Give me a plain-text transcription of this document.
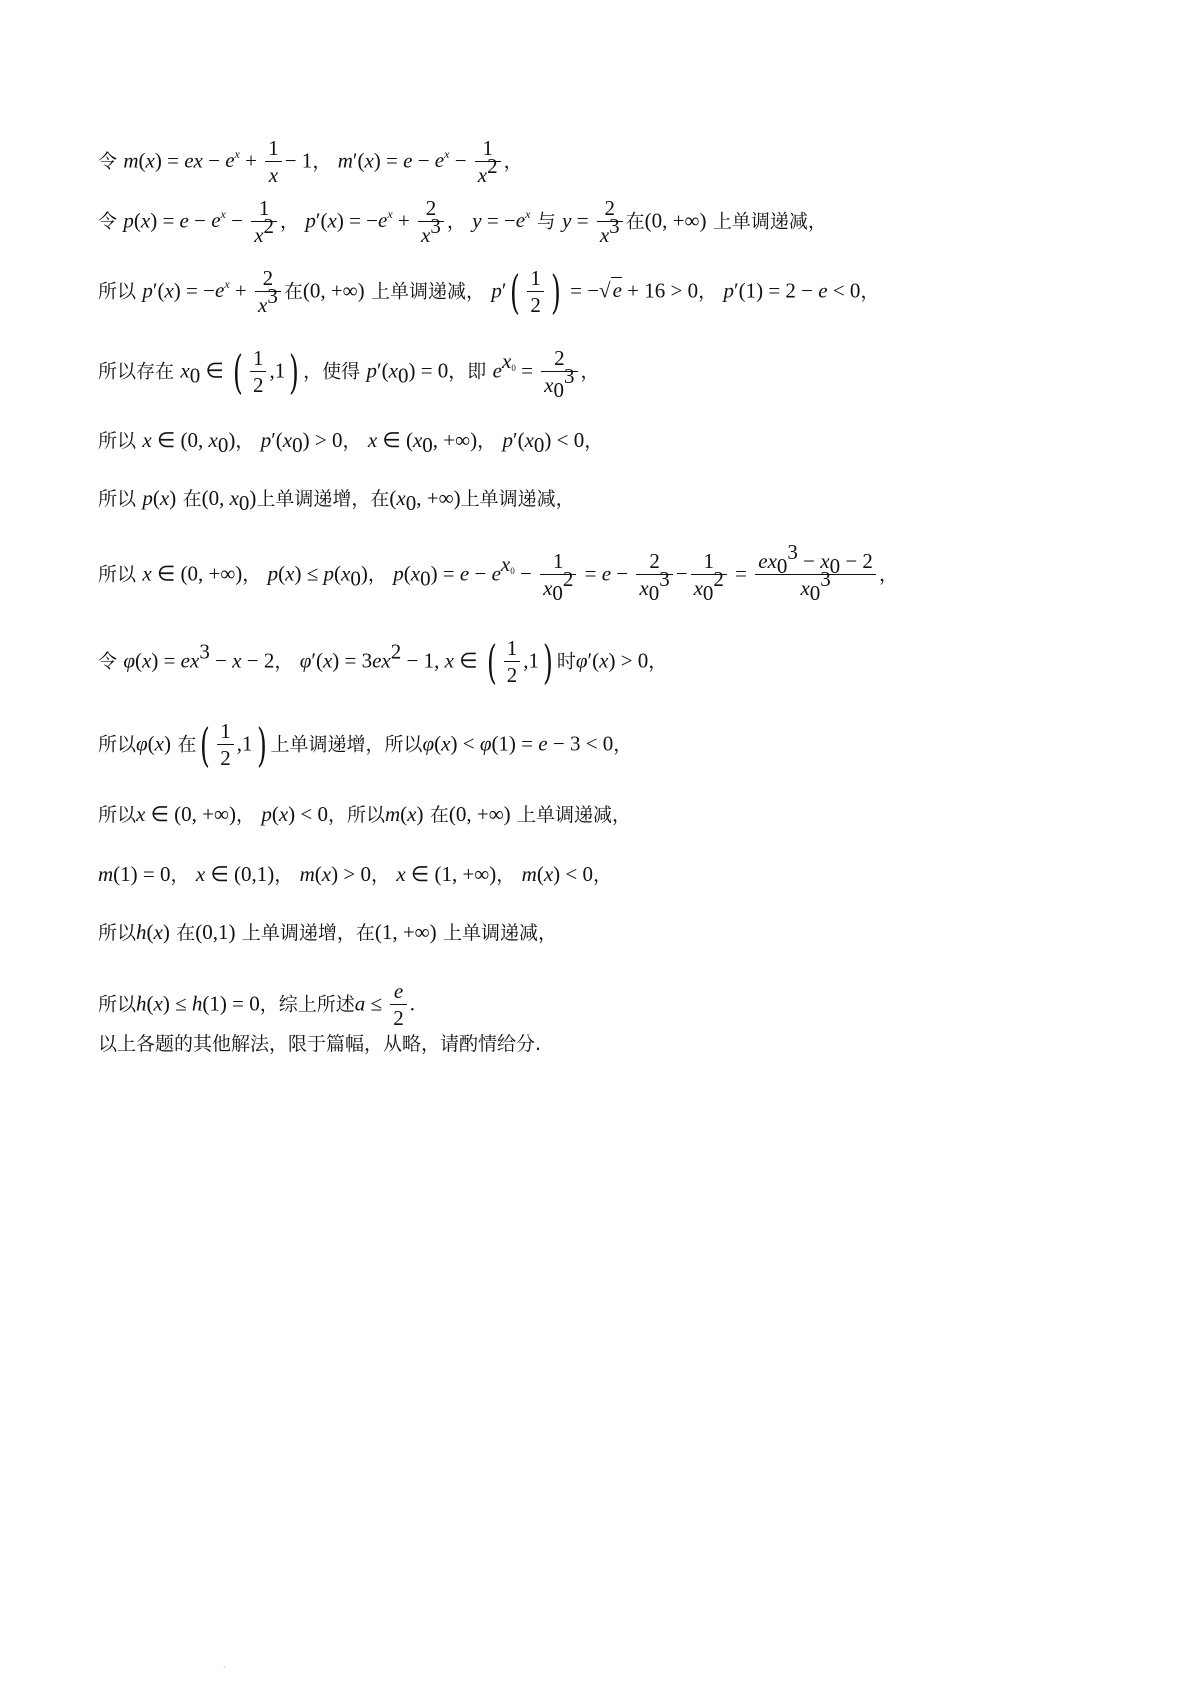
令 m(x) = ex − $e^x + \frac{1}{x} - 1$， $m'(x) = e - e^x - \frac{1}{x^2}$ ，
令 $p(x) = e - e^x - \frac{1}{x^2}$ ， $p'(x) = -e^x + \frac{2}{x^3}$ ， $y = -e^x$ 与 $y = \frac{2}{x^3}$ 在(0, +∞) 上单调递减，
所以 $p'(x) = -e^x + \frac{2}{x^3}$ 在(0, +∞) 上单调递减， $p'( \frac{1}{2}$ ) = −√e + 16 > 0， p′(1) = 2 − e < 0，
所以存在 $x_0$ ∈ ( $\frac{1}{2} ,1$) ，使得 $p'(x_0) = 0$，即 $e^{x_0} = \frac{2}{x_0^3}$ ，
所以 x ∈ (0, $x_0$)， $p'(x_0) > 0$， x ∈ ($x_0$, +∞)， $p'(x_0) < 0$，
所以 p(x) 在(0, $x_0$)上单调递增，在($x_0$, +∞)上单调递减，
所以 x ∈ (0, +∞)， $p(x) \le p(x_0)$， $p(x_0) = e - e^{x_0} - \frac{1}{x_0^2} = e - \frac{2}{x_0^3} - \frac{1}{x_0^2} = \frac{ex_0^3 - x_0 - 2}{x_0^3}$ ，
令 $\varphi(x) = ex^3 - x - 2$， $\varphi'(x) = 3ex^2 - 1$, x ∈ ( $\frac{1}{2} ,1$) 时φ′(x) > 0，
所以φ(x) 在( $\frac{1}{2} ,1$) 上单调递增，所以φ(x) < φ(1) = e − 3 < 0，
所以x ∈ (0, +∞)， p(x) < 0，所以m(x) 在(0, +∞) 上单调递减，
m(1) = 0， x ∈ (0,1)， m(x) > 0， x ∈ (1, +∞)， m(x) < 0，
所以h(x) 在(0,1) 上单调递增，在(1, +∞) 上单调递减，
所以h(x) ≤ h(1) = 0，综上所述$a \le \frac{e}{2}$ .
以上各题的其他解法，限于篇幅，从略，请酌情给分.
·
